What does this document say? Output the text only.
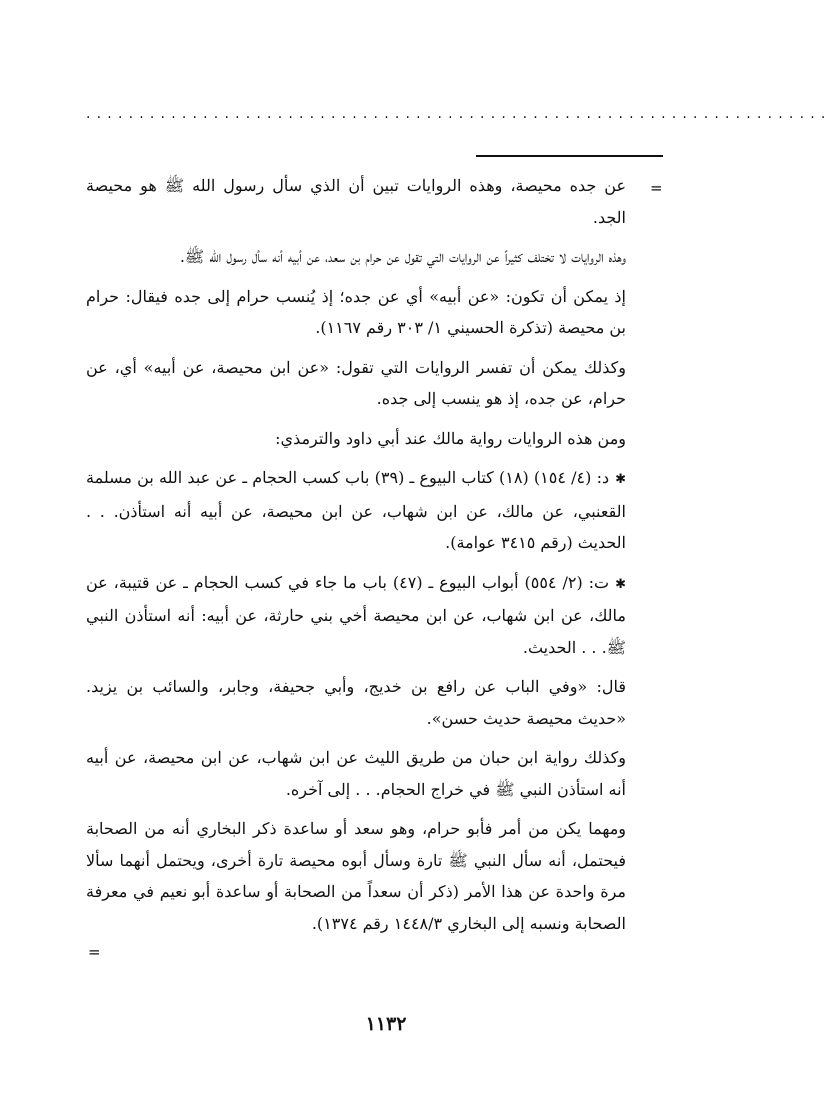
......................................................................
=

عن جده محيصة، وهذه الروايات تبين أن الذي سأل رسول الله ﷺ هو محيصة الجد.

وهذه الروايات لا تختلف كثيراً عن الروايات التي تقول عن حرام بن سعد، عن أبيه أنه سأل رسول الله ﷺ.

إذ يمكن أن تكون: «عن أبيه» أي عن جده؛ إذ يُنسب حرام إلى جده فيقال: حرام بن محيصة (تذكرة الحسيني ١/ ٣٠٣ رقم ١١٦٧).

وكذلك يمكن أن تفسر الروايات التي تقول: «عن ابن محيصة، عن أبيه» أي، عن حرام، عن جده، إذ هو ينسب إلى جده.

ومن هذه الروايات رواية مالك عند أبي داود والترمذي:

✱د: (٤/ ١٥٤) (١٨) كتاب البيوع ـ (٣٩) باب كسب الحجام ـ عن عبد الله بن مسلمة القعنبي، عن مالك، عن ابن شهاب، عن ابن محيصة، عن أبيه أنه استأذن. . . الحديث (رقم ٣٤١٥ عوامة).

✱ت: (٢/ ٥٥٤) أبواب البيوع ـ (٤٧) باب ما جاء في كسب الحجام ـ عن قتيبة، عن مالك، عن ابن شهاب، عن ابن محيصة أخي بني حارثة، عن أبيه: أنه استأذن النبي ﷺ. . . الحديث.

قال: «وفي الباب عن رافع بن خديج، وأبي جحيفة، وجابر، والسائب بن يزيد. «حديث محيصة حديث حسن».

وكذلك رواية ابن حبان من طريق الليث عن ابن شهاب، عن ابن محيصة، عن أبيه أنه استأذن النبي ﷺ في خراج الحجام. . . إلى آخره.

ومهما يكن من أمر فأبو حرام، وهو سعد أو ساعدة ذكر البخاري أنه من الصحابة فيحتمل، أنه سأل النبي ﷺ تارة وسأل أبوه محيصة تارة أخرى، ويحتمل أنهما سألا مرة واحدة عن هذا الأمر (ذكر أن سعداً من الصحابة أو ساعدة أبو نعيم في معرفة الصحابة ونسبه إلى البخاري ١٤٤٨/٣ رقم ١٣٧٤).

=
١١٣٢
